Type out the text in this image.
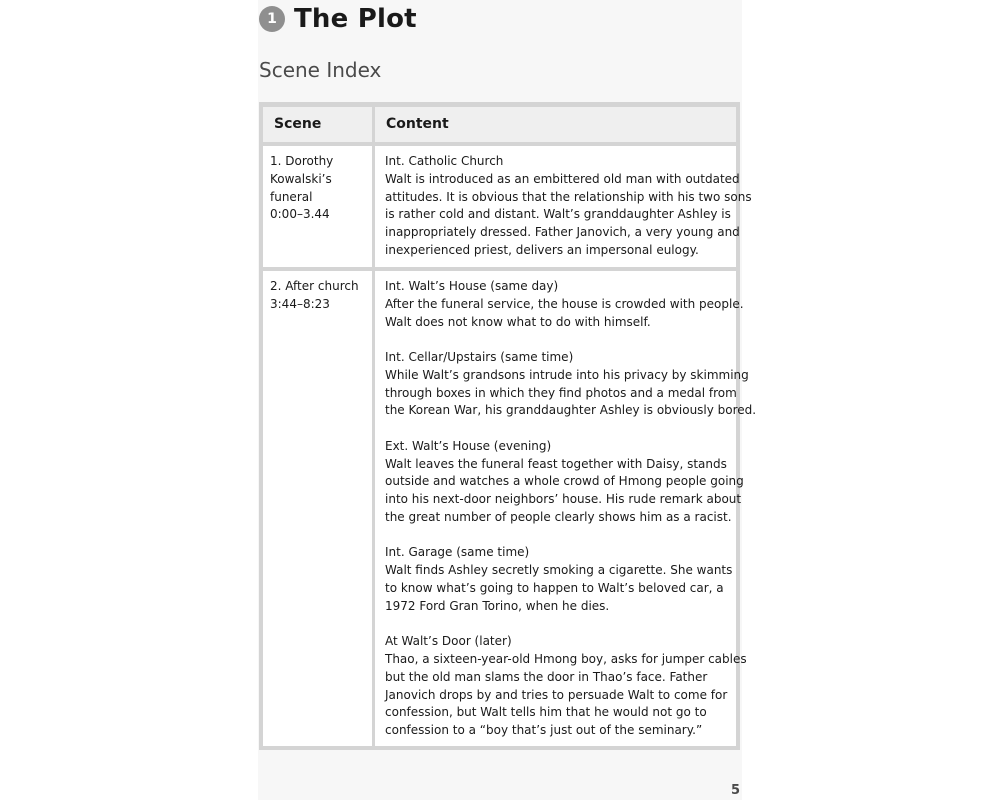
1 The Plot
Scene Index
Scene	Content
1. Dorothy
Kowalski’s
funeral
0:00–3.44
Int. Catholic Church
Walt is introduced as an embittered old man with outdated
attitudes. It is obvious that the relationship with his two sons
is rather cold and distant. Walt’s granddaughter Ashley is
inappropriately dressed. Father Janovich, a very young and
inexperienced priest, delivers an impersonal eulogy.
2. After church
3:44–8:23
Int. Walt’s House (same day)
After the funeral service, the house is crowded with people.
Walt does not know what to do with himself.
Int. Cellar/Upstairs (same time)
While Walt’s grandsons intrude into his privacy by skimming
through boxes in which they find photos and a medal from
the Korean War, his granddaughter Ashley is obviously bored.
Ext. Walt’s House (evening)
Walt leaves the funeral feast together with Daisy, stands
outside and watches a whole crowd of Hmong people going
into his next-door neighbors’ house. His rude remark about
the great number of people clearly shows him as a racist.
Int. Garage (same time)
Walt finds Ashley secretly smoking a cigarette. She wants
to know what’s going to happen to Walt’s beloved car, a
1972 Ford Gran Torino, when he dies.
At Walt’s Door (later)
Thao, a sixteen-year-old Hmong boy, asks for jumper cables
but the old man slams the door in Thao’s face. Father
Janovich drops by and tries to persuade Walt to come for
confession, but Walt tells him that he would not go to
confession to a “boy that’s just out of the seminary.”
5
